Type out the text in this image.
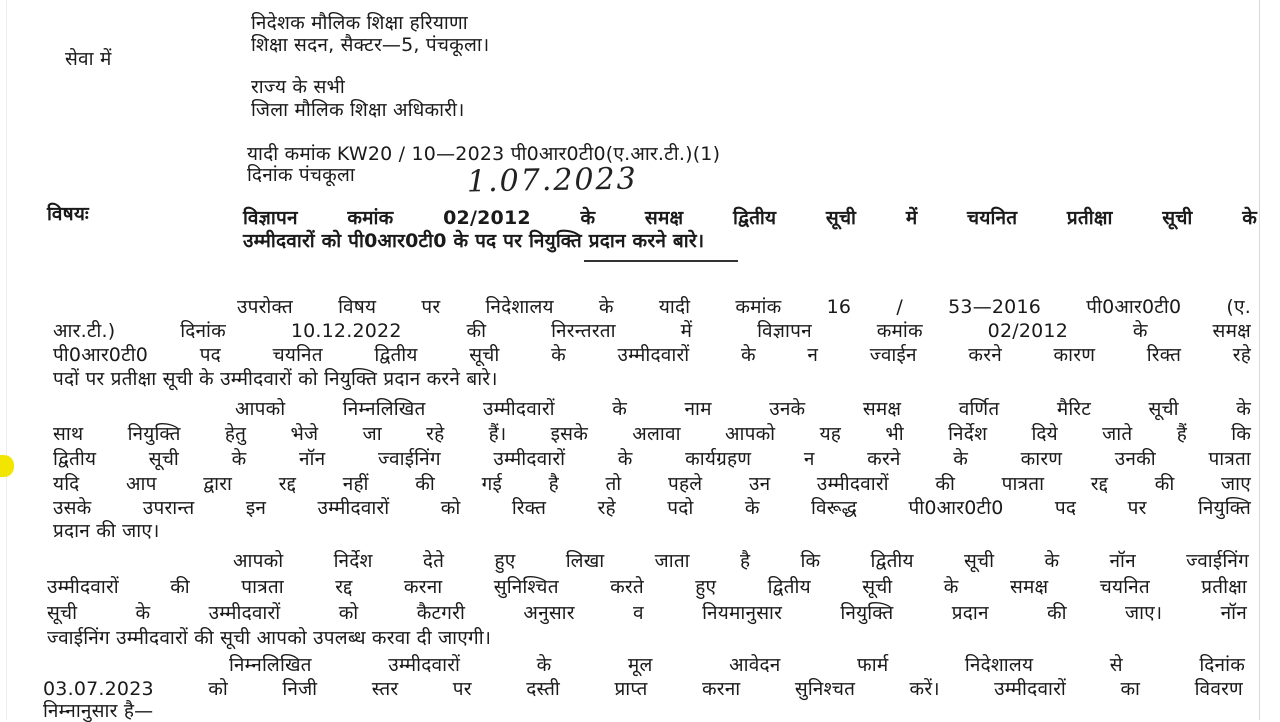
निदेशक मौलिक शिक्षा हरियाणा
शिक्षा सदन, सैक्टर—5, पंचकूला।
सेवा में
राज्य के सभी
जिला मौलिक शिक्षा अधिकारी।
यादी कमांक KW20 / 10—2023 पी0आर0टी0(ए.आर.टी.)(1)
दिनांक पंचकूला	1.07.2023
विषयः	विज्ञापन कमांक 02/2012 के समक्ष द्वितीय सूची में चयनित प्रतीक्षा सूची के
उम्मीदवारों को पी0आर0टी0 के पद पर नियुक्ति प्रदान करने बारे।
उपरोक्त विषय पर निदेशालय के यादी कमांक 16 / 53—2016 पी0आर0टी0 (ए.
आर.टी.) दिनांक 10.12.2022 की निरन्तरता में विज्ञापन कमांक 02/2012 के समक्ष
पी0आर0टी0 पद चयनित द्वितीय सूची के उम्मीदवारों के न ज्वाईन करने कारण रिक्त रहे
पदों पर प्रतीक्षा सूची के उम्मीदवारों को नियुक्ति प्रदान करने बारे।
आपको निम्नलिखित उम्मीदवारों के नाम उनके समक्ष वर्णित मैरिट सूची के
साथ नियुक्ति हेतु भेजे जा रहे हैं। इसके अलावा आपको यह भी निर्देश दिये जाते हैं कि
द्वितीय सूची के नॉन ज्वाईनिंग उम्मीदवारों के कार्यग्रहण न करने के कारण उनकी पात्रता
यदि आप द्वारा रद्द नहीं की गई है तो पहले उन उम्मीदवारों की पात्रता रद्द की जाए
उसके उपरान्त इन उम्मीदवारों को रिक्त रहे पदो के विरूद्ध पी0आर0टी0 पद पर नियुक्ति
प्रदान की जाए।
आपको निर्देश देते हुए लिखा जाता है कि द्वितीय सूची के नॉन ज्वाईनिंग
उम्मीदवारों की पात्रता रद्द करना सुनिश्चित करते हुए द्वितीय सूची के समक्ष चयनित प्रतीक्षा
सूची के उम्मीदवारों को कैटगरी अनुसार व नियमानुसार नियुक्ति प्रदान की जाए। नॉन
ज्वाईनिंग उम्मीदवारों की सूची आपको उपलब्ध करवा दी जाएगी।
निम्नलिखित उम्मीदवारों के मूल आवेदन फार्म निदेशालय से दिनांक
03.07.2023 को निजी स्तर पर दस्ती प्राप्त करना सुनिश्चत करें। उम्मीदवारों का विवरण
निम्नानुसार है—
